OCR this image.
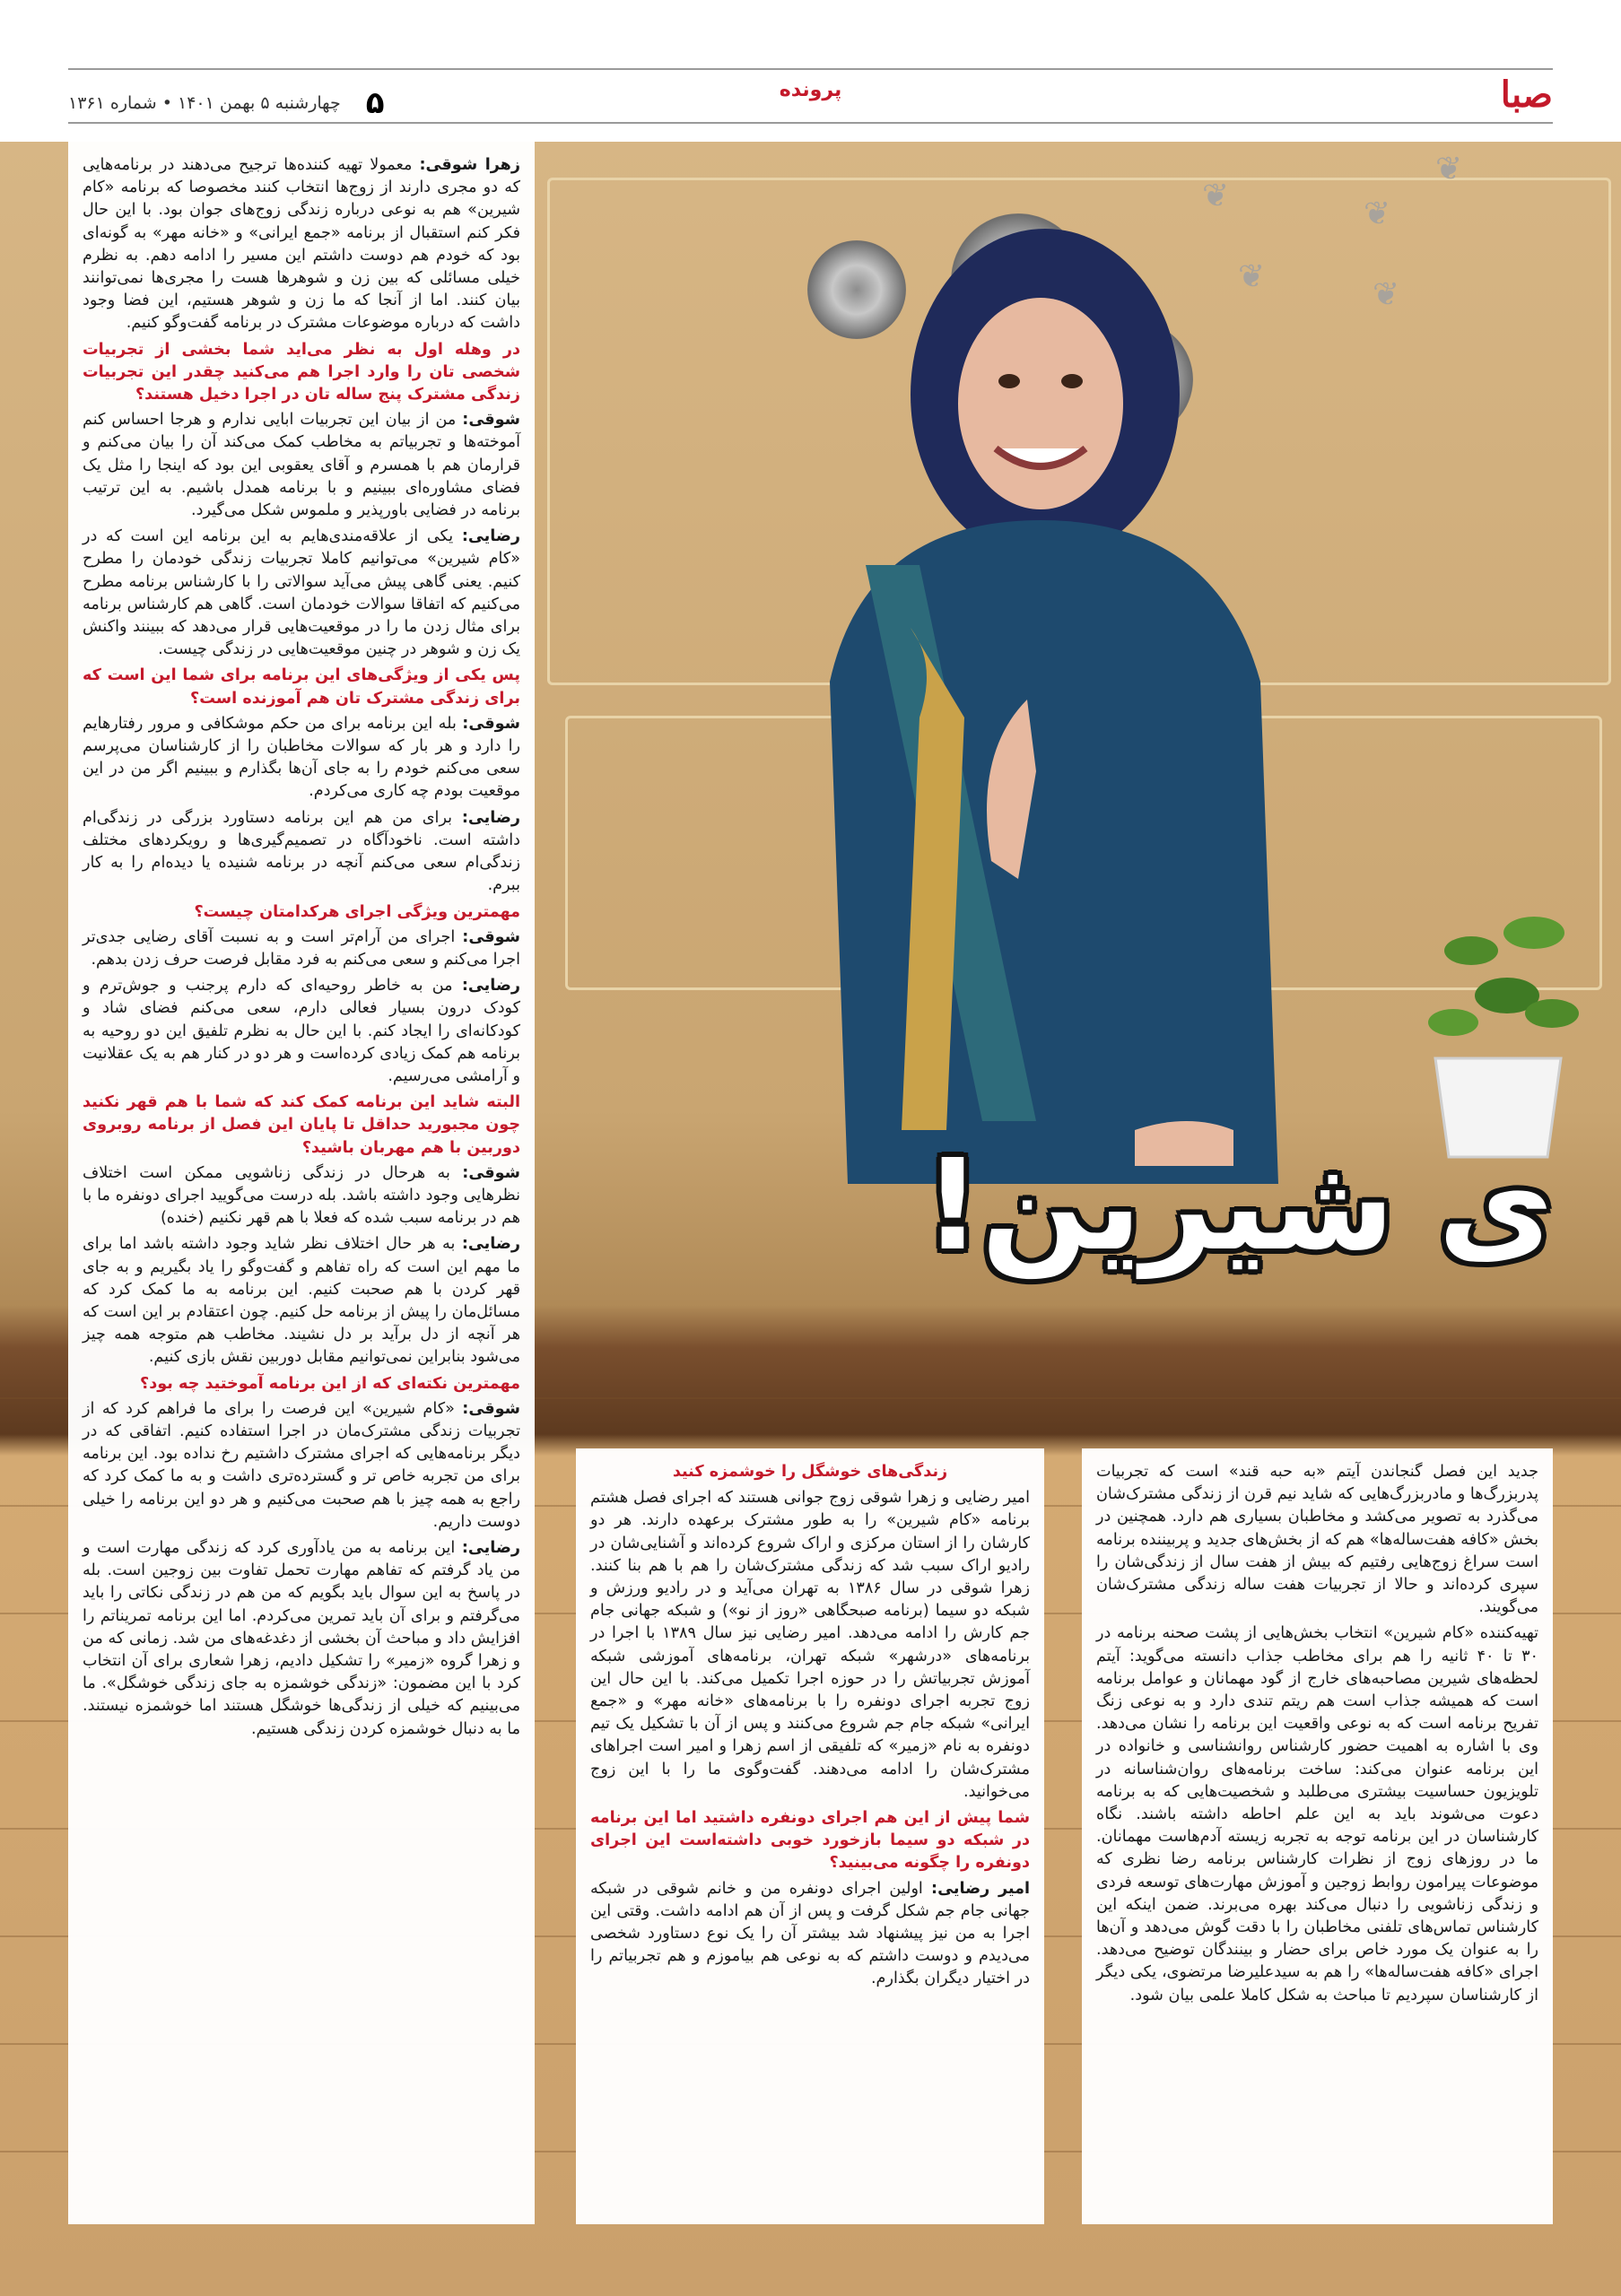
صبا
پرونده
۵ چهارشنبه ۵ بهمن ۱۴۰۱ • شماره ۱۳۶۱
❦	❦
❦
❦
❦
ی شیرین!

زهرا شوقی: معمولا تهیه کننده‌ها ترجیح می‌دهند در برنامه‌هایی که دو مجری دارند از زوج‌ها انتخاب کنند مخصوصا که برنامه «کام شیرین» هم به نوعی درباره زندگی زوج‌های جوان بود. با این حال فکر کنم استقبال از برنامه «جمع ایرانی» و «خانه مهر» به گونه‌ای بود که خودم هم دوست داشتم این مسیر را ادامه دهم. به نظرم خیلی مسائلی که بین زن و شوهرها هست را مجری‌ها نمی‌توانند بیان کنند. اما از آنجا که ما زن و شوهر هستیم، این فضا وجود داشت که درباره موضوعات مشترک در برنامه گفت‌وگو کنیم.

در وهله اول به نظر می‌اید شما بخشی از تجربیات شخصی تان را وارد اجرا هم می‌کنید چقدر این تجربیات زندگی مشترک پنج ساله تان در اجرا دخیل هستند؟

شوقی: من از بیان این تجربیات ابایی ندارم و هرجا احساس کنم آموخته‌ها و تجربیاتم به مخاطب کمک می‌کند آن را بیان می‌کنم و قرارمان هم با همسرم و آقای یعقوبی این بود که اینجا را مثل یک فضای مشاوره‌ای ببینیم و با برنامه همدل باشیم. به این ترتیب برنامه در فضایی باورپذیر و ملموس شکل می‌گیرد.

رضایی: یکی از علاقه‌مندی‌هایم به این برنامه این است که در «کام شیرین» می‌توانیم کاملا تجربیات زندگی خودمان را مطرح کنیم. یعنی گاهی پیش می‌آید سوالاتی را با کارشناس برنامه مطرح می‌کنیم که اتفاقا سوالات خودمان است. گاهی هم کارشناس برنامه برای مثال زدن ما را در موقعیت‌هایی قرار می‌دهد که ببینند واکنش یک زن و شوهر در چنین موقعیت‌هایی در زندگی چیست.

پس یکی از ویژگی‌های این برنامه برای شما این است که برای زندگی مشترک تان هم آموزنده است؟

شوقی: بله این برنامه برای من حکم موشکافی و مرور رفتارهایم را دارد و هر بار که سوالات مخاطبان را از کارشناسان می‌پرسم سعی می‌کنم خودم را به جای آن‌ها بگذارم و ببینیم اگر من در این موقعیت بودم چه کاری می‌کردم.

رضایی: برای من هم این برنامه دستاورد بزرگی در زندگی‌ام داشته است. ناخودآگاه در تصمیم‌گیری‌ها و رویکردهای مختلف زندگی‌ام سعی می‌کنم آنچه در برنامه شنیده یا دیده‌ام را به کار ببرم.

مهمترین ویژگی اجرای هرکدامتان چیست؟

شوقی: اجرای من آرام‌تر است و به نسبت آقای رضایی جدی‌تر اجرا می‌کنم و سعی می‌کنم به فرد مقابل فرصت حرف زدن بدهم.

رضایی: من به خاطر روحیه‌ای که دارم پرجنب و جوش‌ترم و کودک درون بسیار فعالی دارم، سعی می‌کنم فضای شاد و کودکانه‌ای را ایجاد کنم. با این حال به نظرم تلفیق این دو روحیه به برنامه هم کمک زیادی کرده‌است و هر دو در کنار هم به یک عقلانیت و آرامشی می‌رسیم.

البته شاید این برنامه کمک کند که شما با هم قهر نکنید چون مجبورید حداقل تا پایان این فصل از برنامه روبروی دوربین با هم مهربان باشید؟

شوقی: به هرحال در زندگی زناشویی ممکن است اختلاف نظرهایی وجود داشته باشد. بله درست می‌گویید اجرای دونفره ما با هم در برنامه سبب شده که فعلا با هم قهر نکنیم (خنده)

رضایی: به هر حال اختلاف نظر شاید وجود داشته باشد اما برای ما مهم این است که راه تفاهم و گفت‌وگو را یاد بگیریم و به جای قهر کردن با هم صحبت کنیم. این برنامه به ما کمک کرد که مسائل‌مان را پیش از برنامه حل کنیم. چون اعتقادم بر این است که هر آنچه از دل برآید بر دل نشیند. مخاطب هم متوجه همه چیز می‌شود بنابراین نمی‌توانیم مقابل دوربین نقش بازی کنیم.

مهمترین نکته‌ای که از این برنامه آموختید چه بود؟

شوقی: «کام شیرین» این فرصت را برای ما فراهم کرد که از تجربیات زندگی مشترک‌مان در اجرا استفاده کنیم. اتفاقی که در دیگر برنامه‌هایی که اجرای مشترک داشتیم رخ نداده بود. این برنامه برای من تجربه خاص تر و گسترده‌تری داشت و به ما کمک کرد که راجع به همه چیز با هم صحبت می‌کنیم و هر دو این برنامه را خیلی دوست داریم.

رضایی: این برنامه به من یادآوری کرد که زندگی مهارت است و من یاد گرفتم که تفاهم مهارت تحمل تفاوت بین زوجین است. بله در پاسخ به این سوال باید بگویم که من هم در زندگی نکاتی را باید می‌گرفتم و برای آن باید تمرین می‌کردم. اما این برنامه تمریناتم را افزایش داد و مباحث آن بخشی از دغدغه‌های من شد. زمانی که من و زهرا گروه «زمیر» را تشکیل دادیم، زهرا شعاری برای آن انتخاب کرد با این مضمون: «زندگی خوشمزه به جای زندگی خوشگل». ما می‌بینیم که خیلی از زندگی‌ها خوشگل هستند اما خوشمزه نیستند. ما به دنبال خوشمزه کردن زندگی هستیم.

زندگی‌های خوشگل را خوشمزه کنید

امیر رضایی و زهرا شوقی زوج جوانی هستند که اجرای فصل هشتم برنامه «کام شیرین» را به طور مشترک برعهده دارند. هر دو کارشان را از استان مرکزی و اراک شروع کرده‌اند و آشنایی‌شان در رادیو اراک سبب شد که زندگی مشترک‌شان را هم با هم بنا کنند. زهرا شوقی در سال ۱۳۸۶ به تهران می‌آید و در رادیو ورزش و شبکه دو سیما (برنامه صبحگاهی «روز از نو») و شبکه جهانی جام جم کارش را ادامه می‌دهد. امیر رضایی نیز سال ۱۳۸۹ با اجرا در برنامه‌های «درشهر» شبکه تهران، برنامه‌های آموزشی شبکه آموزش تجربیاتش را در حوزه اجرا تکمیل می‌کند. با این حال این زوج تجربه اجرای دونفره را با برنامه‌های «خانه مهر» و «جمع ایرانی» شبکه جام جم شروع می‌کنند و پس از آن با تشکیل یک تیم دونفره به نام «زمیر» که تلفیقی از اسم زهرا و امیر است اجراهای مشترک‌شان را ادامه می‌دهند. گفت‌وگوی ما را با این زوج می‌خوانید.

شما پیش از این هم اجرای دونفره داشتید اما این برنامه در شبکه دو سیما بازخورد خوبی داشته‌است این اجرای دونفره را چگونه می‌بینید؟

امیر رضایی: اولین اجرای دونفره من و خانم شوقی در شبکه جهانی جام جم شکل گرفت و پس از آن هم ادامه داشت. وقتی این اجرا به من نیز پیشنهاد شد بیشتر آن را یک نوع دستاورد شخصی می‌دیدم و دوست داشتم که به نوعی هم بیاموزم و هم تجربیاتم را در اختیار دیگران بگذارم.

جدید این فصل گنجاندن آیتم «به حبه قند» است که تجربیات پدربزرگ‌ها و مادربزرگ‌هایی که شاید نیم قرن از زندگی مشترک‌شان می‌گذرد به تصویر می‌کشد و مخاطبان بسیاری هم دارد. همچنین در بخش «کافه هفت‌ساله‌ها» هم که از بخش‌های جدید و پربیننده برنامه است سراغ زوج‌هایی رفتیم که بیش از هفت سال از زندگی‌شان را سپری کرده‌اند و حالا از تجربیات هفت ساله زندگی مشترک‌شان می‌گویند.

تهیه‌کننده «کام شیرین» انتخاب بخش‌هایی از پشت صحنه برنامه در ۳۰ تا ۴۰ ثانیه را هم برای مخاطب جذاب دانسته می‌گوید: آیتم لحظه‌های شیرین مصاحبه‌های خارج از گود مهمانان و عوامل برنامه است که همیشه جذاب است هم ریتم تندی دارد و به نوعی زنگ تفریح برنامه است که به نوعی واقعیت این برنامه را نشان می‌دهد. وی با اشاره به اهمیت حضور کارشناس روانشناسی و خانواده در این برنامه عنوان می‌کند: ساخت برنامه‌های روان‌شناسانه در تلویزیون حساسیت بیشتری می‌طلبد و شخصیت‌هایی که به برنامه دعوت می‌شوند باید به این علم احاطه داشته باشند. نگاه کارشناسان در این برنامه توجه به تجربه زیسته آدم‌هاست مهمانان. ما در روزهای زوج از نظرات کارشناس برنامه رضا نظری که موضوعات پیرامون روابط زوجین و آموزش مهارت‌های توسعه فردی و زندگی زناشویی را دنبال می‌کند بهره می‌برند. ضمن اینکه این کارشناس تماس‌های تلفنی مخاطبان را با دقت گوش می‌دهد و آن‌ها را به عنوان یک مورد خاص برای حضار و بینندگان توضیح می‌دهد. اجرای «کافه هفت‌ساله‌ها» را هم به سیدعلیرضا مرتضوی، یکی دیگر از کارشناسان سپردیم تا مباحث به شکل کاملا علمی بیان شود.
